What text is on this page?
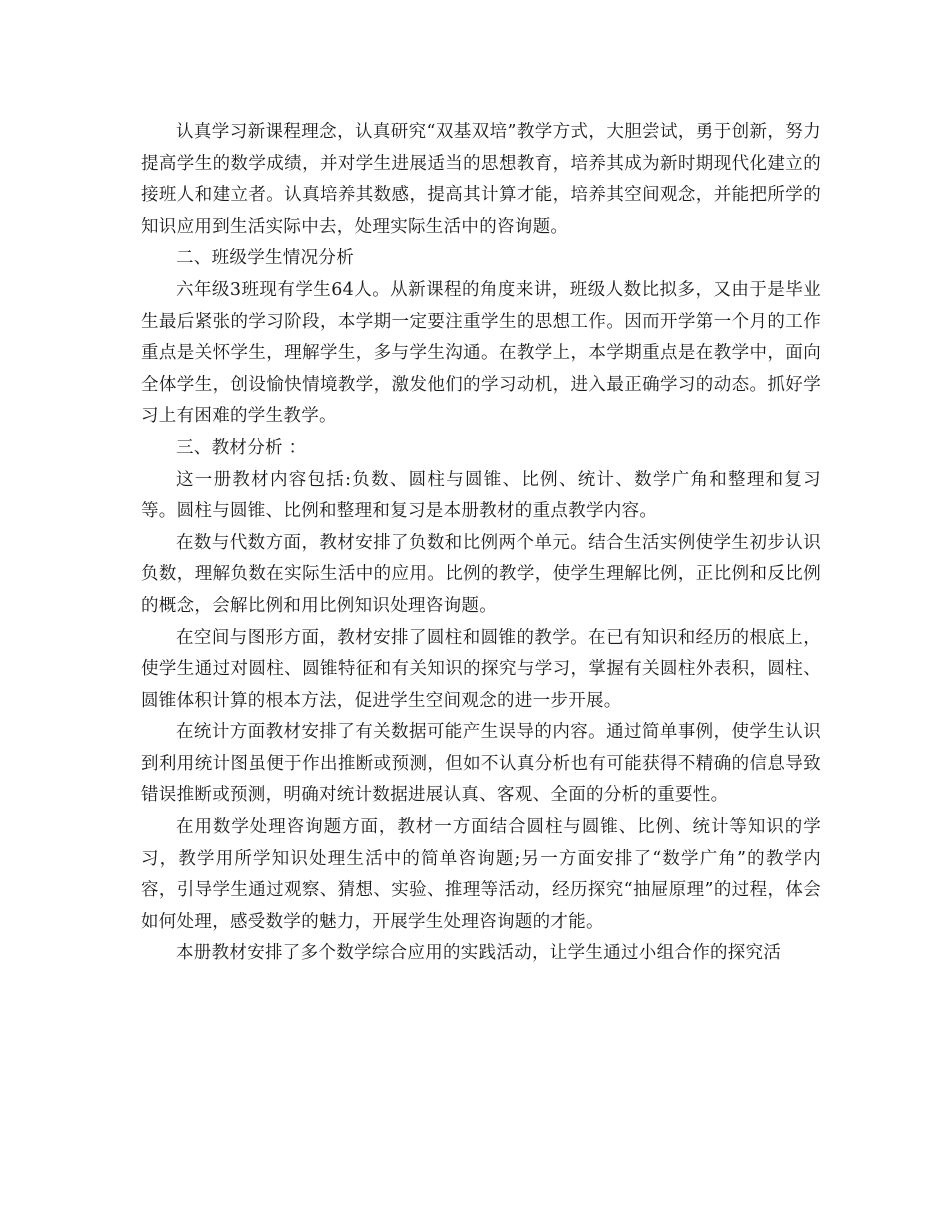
认真学习新课程理念，认真研究“双基双培”教学方式，大胆尝试，勇于创新，努力提高学生的数学成绩，并对学生进展适当的思想教育，培养其成为新时期现代化建立的接班人和建立者。认真培养其数感，提高其计算才能，培养其空间观念，并能把所学的知识应用到生活实际中去，处理实际生活中的咨询题。

二、班级学生情况分析

六年级3班现有学生64人。从新课程的角度来讲，班级人数比拟多，又由于是毕业生最后紧张的学习阶段，本学期一定要注重学生的思想工作。因而开学第一个月的工作重点是关怀学生，理解学生，多与学生沟通。在教学上，本学期重点是在教学中，面向全体学生，创设愉快情境教学，激发他们的学习动机，进入最正确学习的动态。抓好学习上有困难的学生教学。

三、教材分析 ：

这一册教材内容包括:负数、圆柱与圆锥、比例、统计、数学广角和整理和复习等。圆柱与圆锥、比例和整理和复习是本册教材的重点教学内容。

在数与代数方面，教材安排了负数和比例两个单元。结合生活实例使学生初步认识负数，理解负数在实际生活中的应用。比例的教学，使学生理解比例，正比例和反比例的概念，会解比例和用比例知识处理咨询题。

在空间与图形方面，教材安排了圆柱和圆锥的教学。在已有知识和经历的根底上，使学生通过对圆柱、圆锥特征和有关知识的探究与学习，掌握有关圆柱外表积，圆柱、圆锥体积计算的根本方法，促进学生空间观念的进一步开展。

在统计方面教材安排了有关数据可能产生误导的内容。通过简单事例，使学生认识到利用统计图虽便于作出推断或预测，但如不认真分析也有可能获得不精确的信息导致错误推断或预测，明确对统计数据进展认真、客观、全面的分析的重要性。

在用数学处理咨询题方面，教材一方面结合圆柱与圆锥、比例、统计等知识的学习，教学用所学知识处理生活中的简单咨询题;另一方面安排了“数学广角”的教学内容，引导学生通过观察、猜想、实验、推理等活动，经历探究“抽屉原理”的过程，体会如何处理，感受数学的魅力，开展学生处理咨询题的才能。

本册教材安排了多个数学综合应用的实践活动，让学生通过小组合作的探究活
